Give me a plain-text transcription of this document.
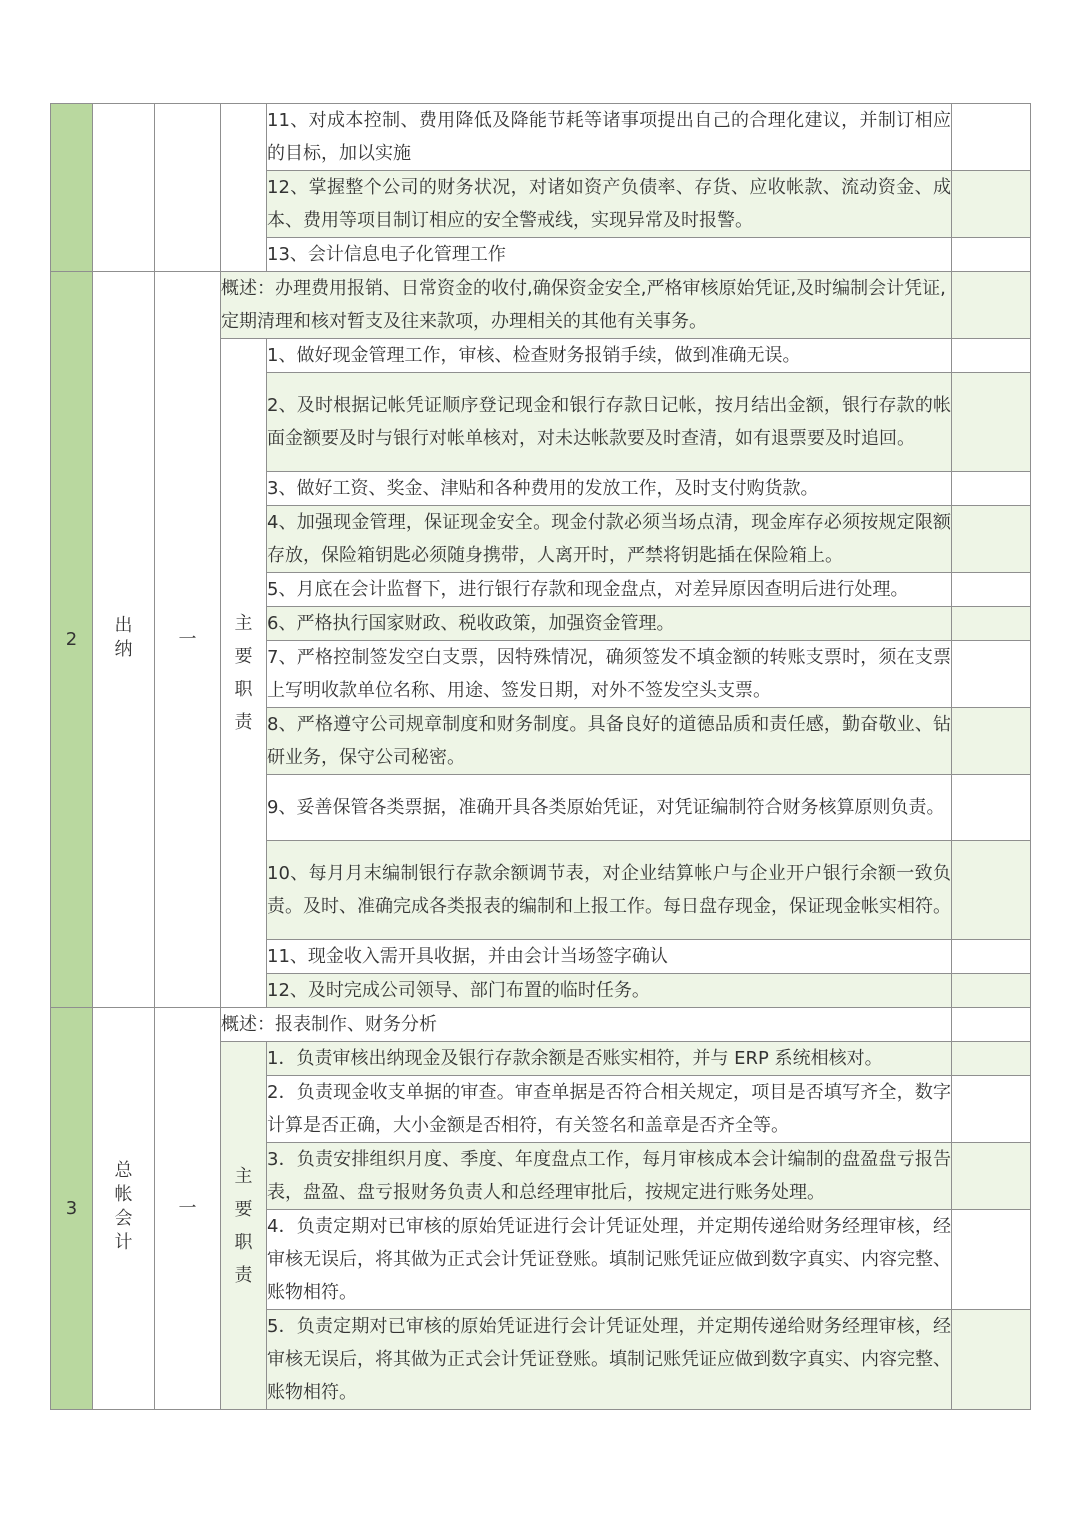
				11、对成本控制、费用降低及降能节耗等诸事项提出自己的合理化建议，并制订相应的目标，加以实施	
				12、掌握整个公司的财务状况，对诸如资产负债率、存货、应收帐款、流动资金、成本、费用等项目制订相应的安全警戒线，实现异常及时报警。	
				13、会计信息电子化管理工作	
2	出纳	一	概述：办理费用报销、日常资金的收付,确保资金安全,严格审核原始凭证,及时编制会计凭证,定期清理和核对暂支及往来款项，办理相关的其他有关事务。		
			主要职责	1、做好现金管理工作，审核、检查财务报销手续，做到准确无误。	
				2、及时根据记帐凭证顺序登记现金和银行存款日记帐，按月结出金额，银行存款的帐面金额要及时与银行对帐单核对，对未达帐款要及时查清，如有退票要及时追回。	
				3、做好工资、奖金、津贴和各种费用的发放工作，及时支付购货款。	
				4、加强现金管理，保证现金安全。现金付款必须当场点清，现金库存必须按规定限额存放，保险箱钥匙必须随身携带，人离开时，严禁将钥匙插在保险箱上。	
				5、月底在会计监督下，进行银行存款和现金盘点，对差异原因查明后进行处理。	
				6、严格执行国家财政、税收政策，加强资金管理。	
				7、严格控制签发空白支票，因特殊情况，确须签发不填金额的转账支票时，须在支票上写明收款单位名称、用途、签发日期，对外不签发空头支票。	
				8、严格遵守公司规章制度和财务制度。具备良好的道德品质和责任感，勤奋敬业、钻研业务，保守公司秘密。	
				9、妥善保管各类票据，准确开具各类原始凭证，对凭证编制符合财务核算原则负责。	
				10、每月月末编制银行存款余额调节表，对企业结算帐户与企业开户银行余额一致负责。及时、准确完成各类报表的编制和上报工作。每日盘存现金，保证现金帐实相符。	
				11、现金收入需开具收据，并由会计当场签字确认	
				12、及时完成公司领导、部门布置的临时任务。	
3	总帐会计	一	概述：报表制作、财务分析		
			主要职责	1．负责审核出纳现金及银行存款余额是否账实相符，并与 ERP 系统相核对。	
				2．负责现金收支单据的审查。审查单据是否符合相关规定，项目是否填写齐全，数字计算是否正确，大小金额是否相符，有关签名和盖章是否齐全等。	
				3．负责安排组织月度、季度、年度盘点工作，每月审核成本会计编制的盘盈盘亏报告表，盘盈、盘亏报财务负责人和总经理审批后，按规定进行账务处理。	
				4．负责定期对已审核的原始凭证进行会计凭证处理，并定期传递给财务经理审核，经审核无误后，将其做为正式会计凭证登账。填制记账凭证应做到数字真实、内容完整、账物相符。	
				5．负责定期对已审核的原始凭证进行会计凭证处理，并定期传递给财务经理审核，经审核无误后，将其做为正式会计凭证登账。填制记账凭证应做到数字真实、内容完整、账物相符。	
